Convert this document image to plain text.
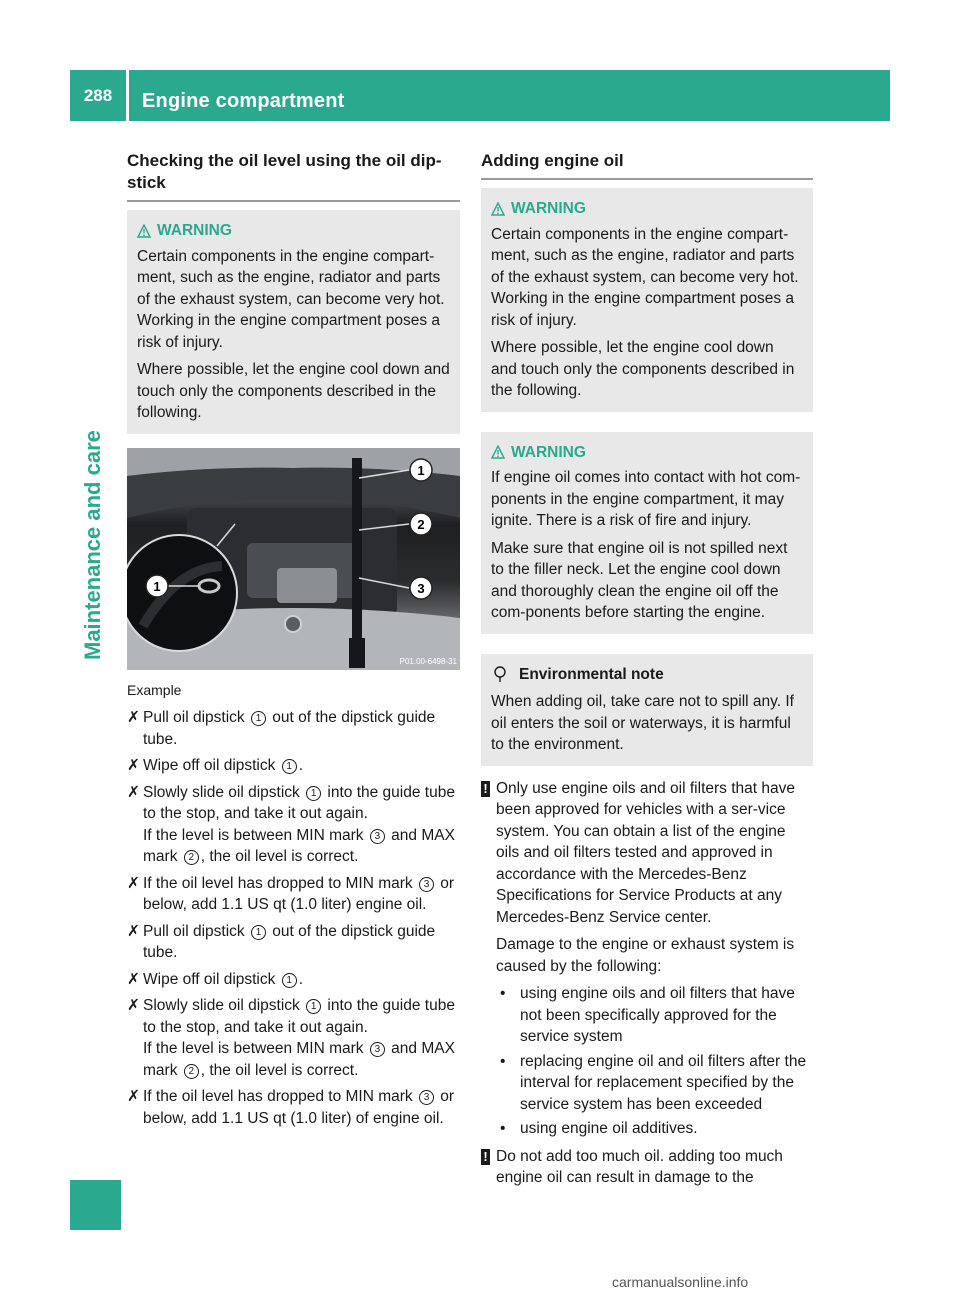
288	Engine compartment
Maintenance and care
Checking the oil level using the oil dip-
stick
WARNING

Certain components in the engine compart-ment, such as the engine, radiator and parts of the exhaust system, can become very hot. Working in the engine compartment poses a risk of injury.

Where possible, let the engine cool down and touch only the components described in the following.

1
2
3
1
P01.00-6498-31
Example
✗ Pull oil dipstick 1 out of the dipstick guide tube.
✗ Wipe off oil dipstick 1 .
✗ Slowly slide oil dipstick 1 into the guide tube to the stop, and take it out again.
If the level is between MIN mark 3 and MAX mark 2 , the oil level is correct.
✗ If the oil level has dropped to MIN mark 3 or below, add 1.1 US qt (1.0 liter) engine oil.
✗ Pull oil dipstick 1 out of the dipstick guide tube.
✗ Wipe off oil dipstick 1 .
✗ Slowly slide oil dipstick 1 into the guide tube to the stop, and take it out again.
If the level is between MIN mark 3 and MAX mark 2 , the oil level is correct.
✗ If the oil level has dropped to MIN mark 3 or below, add 1.1 US qt (1.0 liter) of engine oil.
Adding engine oil
WARNING

Certain components in the engine compart-ment, such as the engine, radiator and parts of the exhaust system, can become very hot. Working in the engine compartment poses a risk of injury.

Where possible, let the engine cool down and touch only the components described in the following.

WARNING

If engine oil comes into contact with hot com-ponents in the engine compartment, it may ignite. There is a risk of fire and injury.

Make sure that engine oil is not spilled next to the filler neck. Let the engine cool down and thoroughly clean the engine oil off the com-ponents before starting the engine.

Environmental note

When adding oil, take care not to spill any. If oil enters the soil or waterways, it is harmful to the environment.

! Only use engine oils and oil filters that have been approved for vehicles with a ser-vice system. You can obtain a list of the engine oils and oil filters tested and approved in accordance with the Mercedes-Benz Specifications for Service Products at any Mercedes-Benz Service center.

Damage to the engine or exhaust system is caused by the following:

• using engine oils and oil filters that have not been specifically approved for the service system
• replacing engine oil and oil filters after the interval for replacement specified by the service system has been exceeded
• using engine oil additives.
! Do not add too much oil. adding too much engine oil can result in damage to the

carmanualsonline.info
